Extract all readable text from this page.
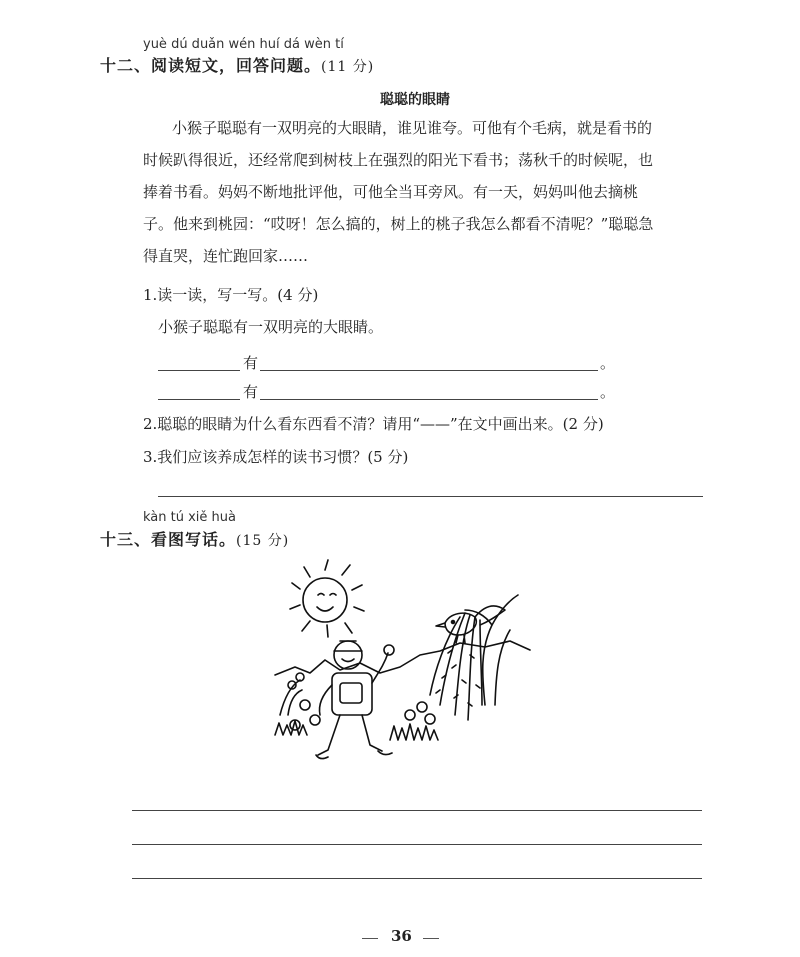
yuè dú duǎn wén huí dá wèn tí
十二、阅读短文，回答问题。(11 分)
聪聪的眼睛
小猴子聪聪有一双明亮的大眼睛，谁见谁夸。可他有个毛病，就是看书的
时候趴得很近，还经常爬到树枝上在强烈的阳光下看书；荡秋千的时候呢，也
捧着书看。妈妈不断地批评他，可他全当耳旁风。有一天，妈妈叫他去摘桃
子。他来到桃园：“哎呀！怎么搞的，树上的桃子我怎么都看不清呢？”聪聪急
得直哭，连忙跑回家……
1.读一读，写一写。(4 分)
小猴子聪聪有一双明亮的大眼睛。
有	。
有	。
2.聪聪的眼睛为什么看东西看不清？请用“——”在文中画出来。(2 分)
3.我们应该养成怎样的读书习惯？(5 分)
kàn tú xiě huà
十三、看图写话。(15 分)
36
